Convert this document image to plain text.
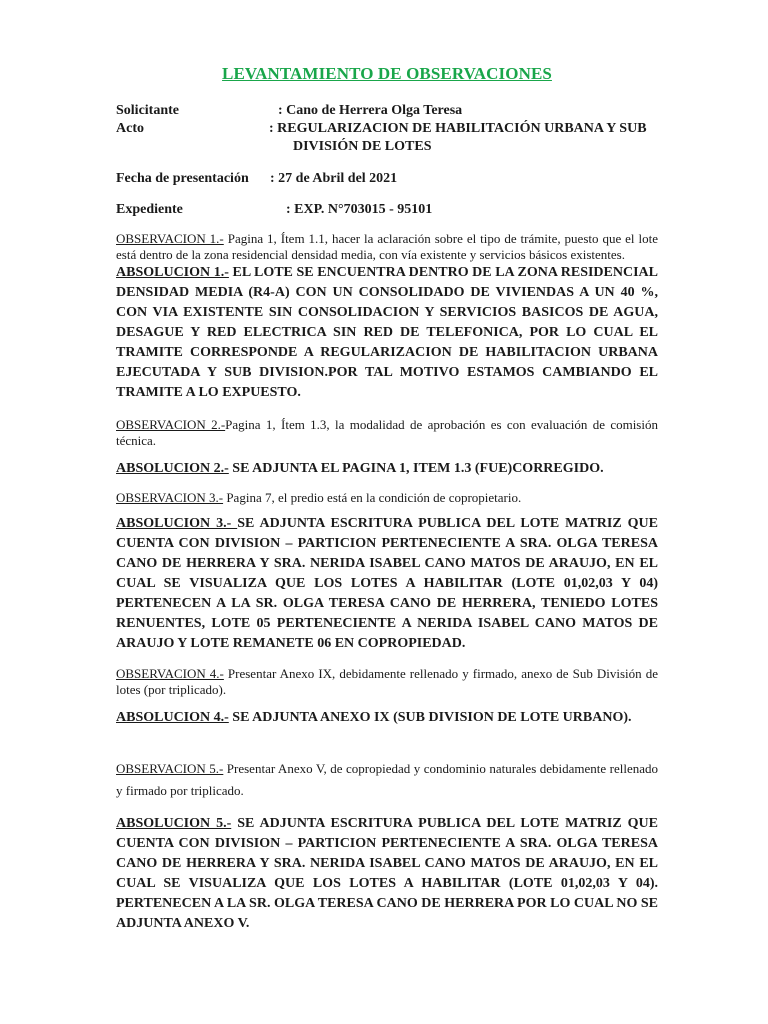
LEVANTAMIENTO DE OBSERVACIONES
Solicitante	: Cano de Herrera Olga Teresa
Acto	: REGULARIZACION DE HABILITACIÓN URBANA Y SUB
DIVISIÓN DE LOTES
Fecha de presentación	: 27 de Abril del 2021
Expediente	: EXP. N°703015 - 95101

OBSERVACION 1.- Pagina 1, Ítem 1.1, hacer la aclaración sobre el tipo de trámite, puesto que el lote está dentro de la zona residencial densidad media, con vía existente y servicios básicos existentes.

ABSOLUCION 1.- EL LOTE SE ENCUENTRA DENTRO DE LA ZONA RESIDENCIAL DENSIDAD MEDIA (R4-A) CON UN CONSOLIDADO DE VIVIENDAS A UN 40 %, CON VIA EXISTENTE SIN CONSOLIDACION Y SERVICIOS BASICOS DE AGUA, DESAGUE Y RED ELECTRICA SIN RED DE TELEFONICA, POR LO CUAL EL TRAMITE CORRESPONDE A REGULARIZACION DE HABILITACION URBANA EJECUTADA Y SUB DIVISION.POR TAL MOTIVO ESTAMOS CAMBIANDO EL TRAMITE A LO EXPUESTO.

OBSERVACION 2.-Pagina 1, Ítem 1.3, la modalidad de aprobación es con evaluación de comisión técnica.

ABSOLUCION 2.- SE ADJUNTA EL PAGINA 1, ITEM 1.3 (FUE)CORREGIDO.

OBSERVACION 3.- Pagina 7, el predio está en la condición de copropietario.

ABSOLUCION 3.- SE ADJUNTA ESCRITURA PUBLICA DEL LOTE MATRIZ QUE CUENTA CON DIVISION – PARTICION PERTENECIENTE A SRA. OLGA TERESA CANO DE HERRERA Y SRA. NERIDA ISABEL CANO MATOS DE ARAUJO, EN EL CUAL SE VISUALIZA QUE LOS LOTES A HABILITAR (LOTE 01,02,03 Y 04) PERTENECEN A LA SR. OLGA TERESA CANO DE HERRERA, TENIEDO LOTES RENUENTES, LOTE 05 PERTENECIENTE A NERIDA ISABEL CANO MATOS DE ARAUJO Y LOTE REMANETE 06 EN COPROPIEDAD.

OBSERVACION 4.- Presentar Anexo IX, debidamente rellenado y firmado, anexo de Sub División de lotes (por triplicado).

ABSOLUCION 4.- SE ADJUNTA ANEXO IX (SUB DIVISION DE LOTE URBANO).

OBSERVACION 5.- Presentar Anexo V, de copropiedad y condominio naturales debidamente rellenado y firmado por triplicado.

ABSOLUCION 5.- SE ADJUNTA ESCRITURA PUBLICA DEL LOTE MATRIZ QUE CUENTA CON DIVISION – PARTICION PERTENECIENTE A SRA. OLGA TERESA CANO DE HERRERA Y SRA. NERIDA ISABEL CANO MATOS DE ARAUJO, EN EL CUAL SE VISUALIZA QUE LOS LOTES A HABILITAR (LOTE 01,02,03 Y 04). PERTENECEN A LA SR. OLGA TERESA CANO DE HERRERA POR LO CUAL NO SE ADJUNTA ANEXO V.
